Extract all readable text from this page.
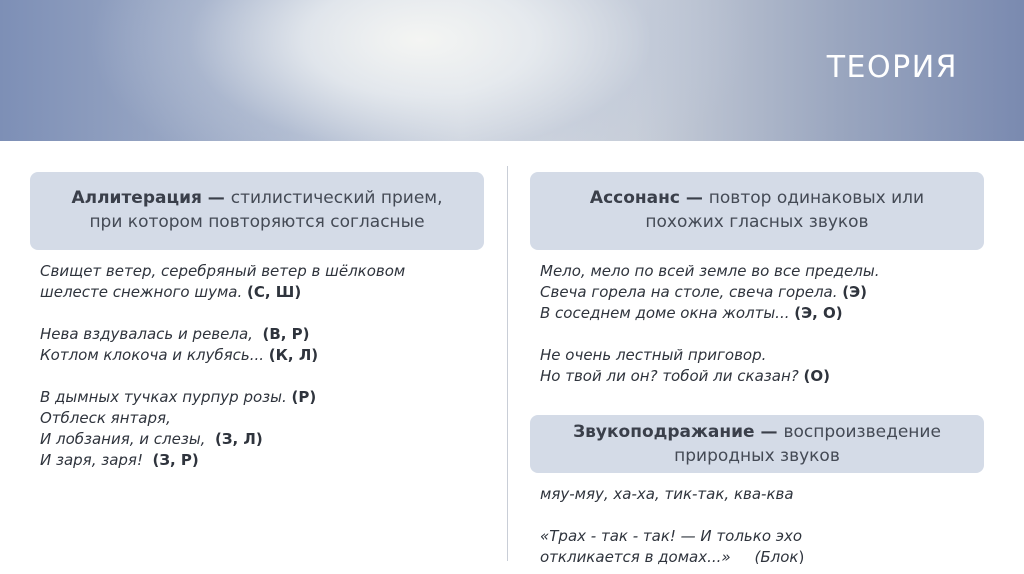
ТЕОРИЯ
Аллитерация — стилистический прием,
при котором повторяются согласные
Свищет ветер, серебряный ветер в шёлковом
шелесте снежного шума. (С, Ш)
Нева вздувалась и ревела,  (В, Р)
Котлом клокоча и клубясь... (К, Л)
В дымных тучках пурпур розы. (Р)
Отблеск янтаря,
И лобзания, и слезы,  (З, Л)
И заря, заря!  (З, Р)
Ассонанс — повтор одинаковых или
похожих гласных звуков
Мело, мело по всей земле во все пределы.
Свеча горела на столе, свеча горела. (Э)
В соседнем доме окна жолты... (Э, О)
Не очень лестный приговор.
Но твой ли он? тобой ли сказан? (О)
Звукоподражание — воспроизведение
природных звуков
мяу-мяу, ха-ха, тик-так, ква-ква
«Трах - так - так! — И только эхо
откликается в домах...»     (Блок)
